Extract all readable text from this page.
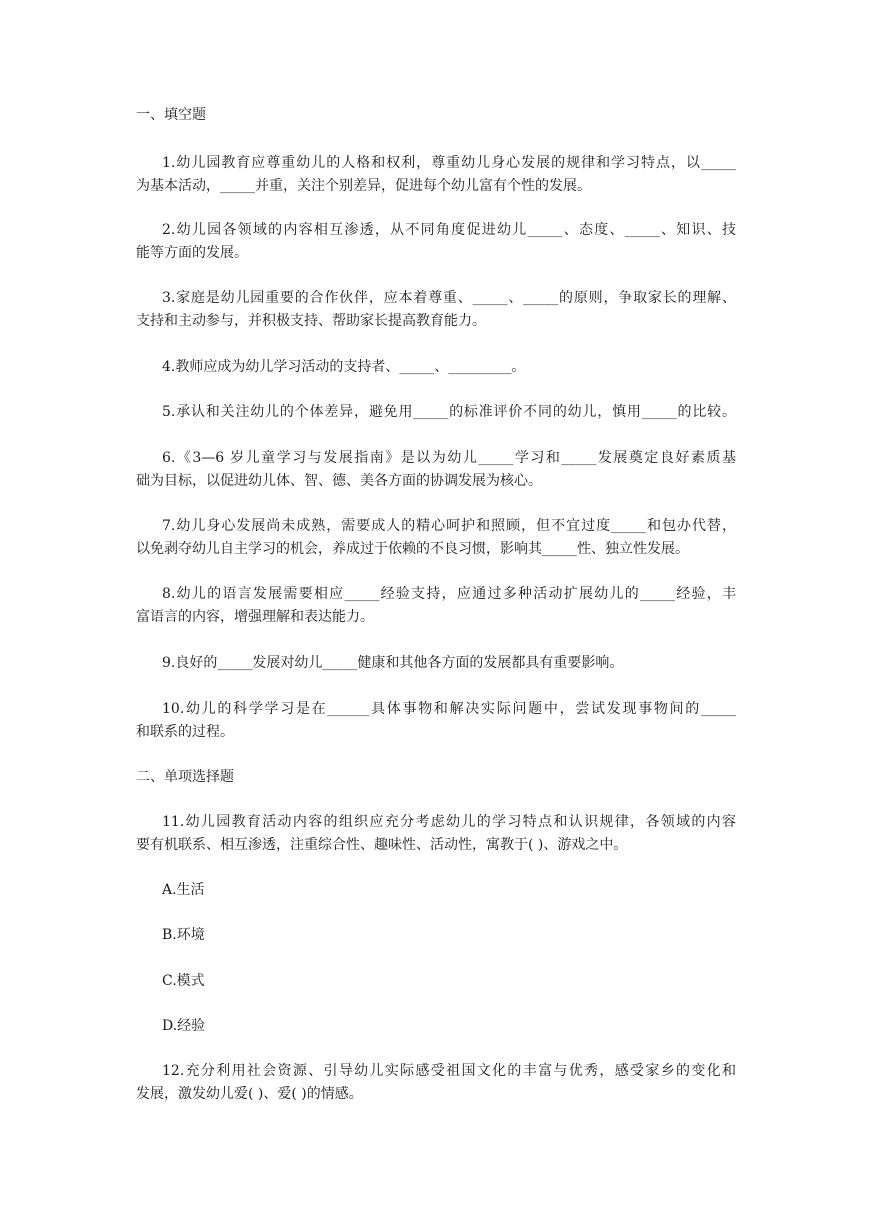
一、填空题
1.幼儿园教育应尊重幼儿的人格和权利，尊重幼儿身心发展的规律和学习特点，以_____
为基本活动，_____并重，关注个别差异，促进每个幼儿富有个性的发展。
2.幼儿园各领域的内容相互渗透，从不同角度促进幼儿_____、态度、_____、知识、技
能等方面的发展。
3.家庭是幼儿园重要的合作伙伴，应本着尊重、_____、_____的原则，争取家长的理解、
支持和主动参与，并积极支持、帮助家长提高教育能力。
4.教师应成为幼儿学习活动的支持者、_____、_________。
5.承认和关注幼儿的个体差异，避免用_____的标准评价不同的幼儿，慎用_____的比较。
6.《3—6 岁儿童学习与发展指南》是以为幼儿_____学习和_____发展奠定良好素质基
础为目标，以促进幼儿体、智、德、美各方面的协调发展为核心。
7.幼儿身心发展尚未成熟，需要成人的精心呵护和照顾，但不宜过度_____和包办代替，
以免剥夺幼儿自主学习的机会，养成过于依赖的不良习惯，影响其_____性、独立性发展。
8.幼儿的语言发展需要相应_____经验支持，应通过多种活动扩展幼儿的_____经验，丰
富语言的内容，增强理解和表达能力。
9.良好的_____发展对幼儿_____健康和其他各方面的发展都具有重要影响。
10.幼儿的科学学习是在______具体事物和解决实际问题中，尝试发现事物间的_____
和联系的过程。
二、单项选择题
11.幼儿园教育活动内容的组织应充分考虑幼儿的学习特点和认识规律，各领域的内容
要有机联系、相互渗透，注重综合性、趣味性、活动性，寓教于( )、游戏之中。
A.生活
B.环境
C.模式
D.经验
12.充分利用社会资源、引导幼儿实际感受祖国文化的丰富与优秀，感受家乡的变化和
发展，激发幼儿爱( )、爱( )的情感。
